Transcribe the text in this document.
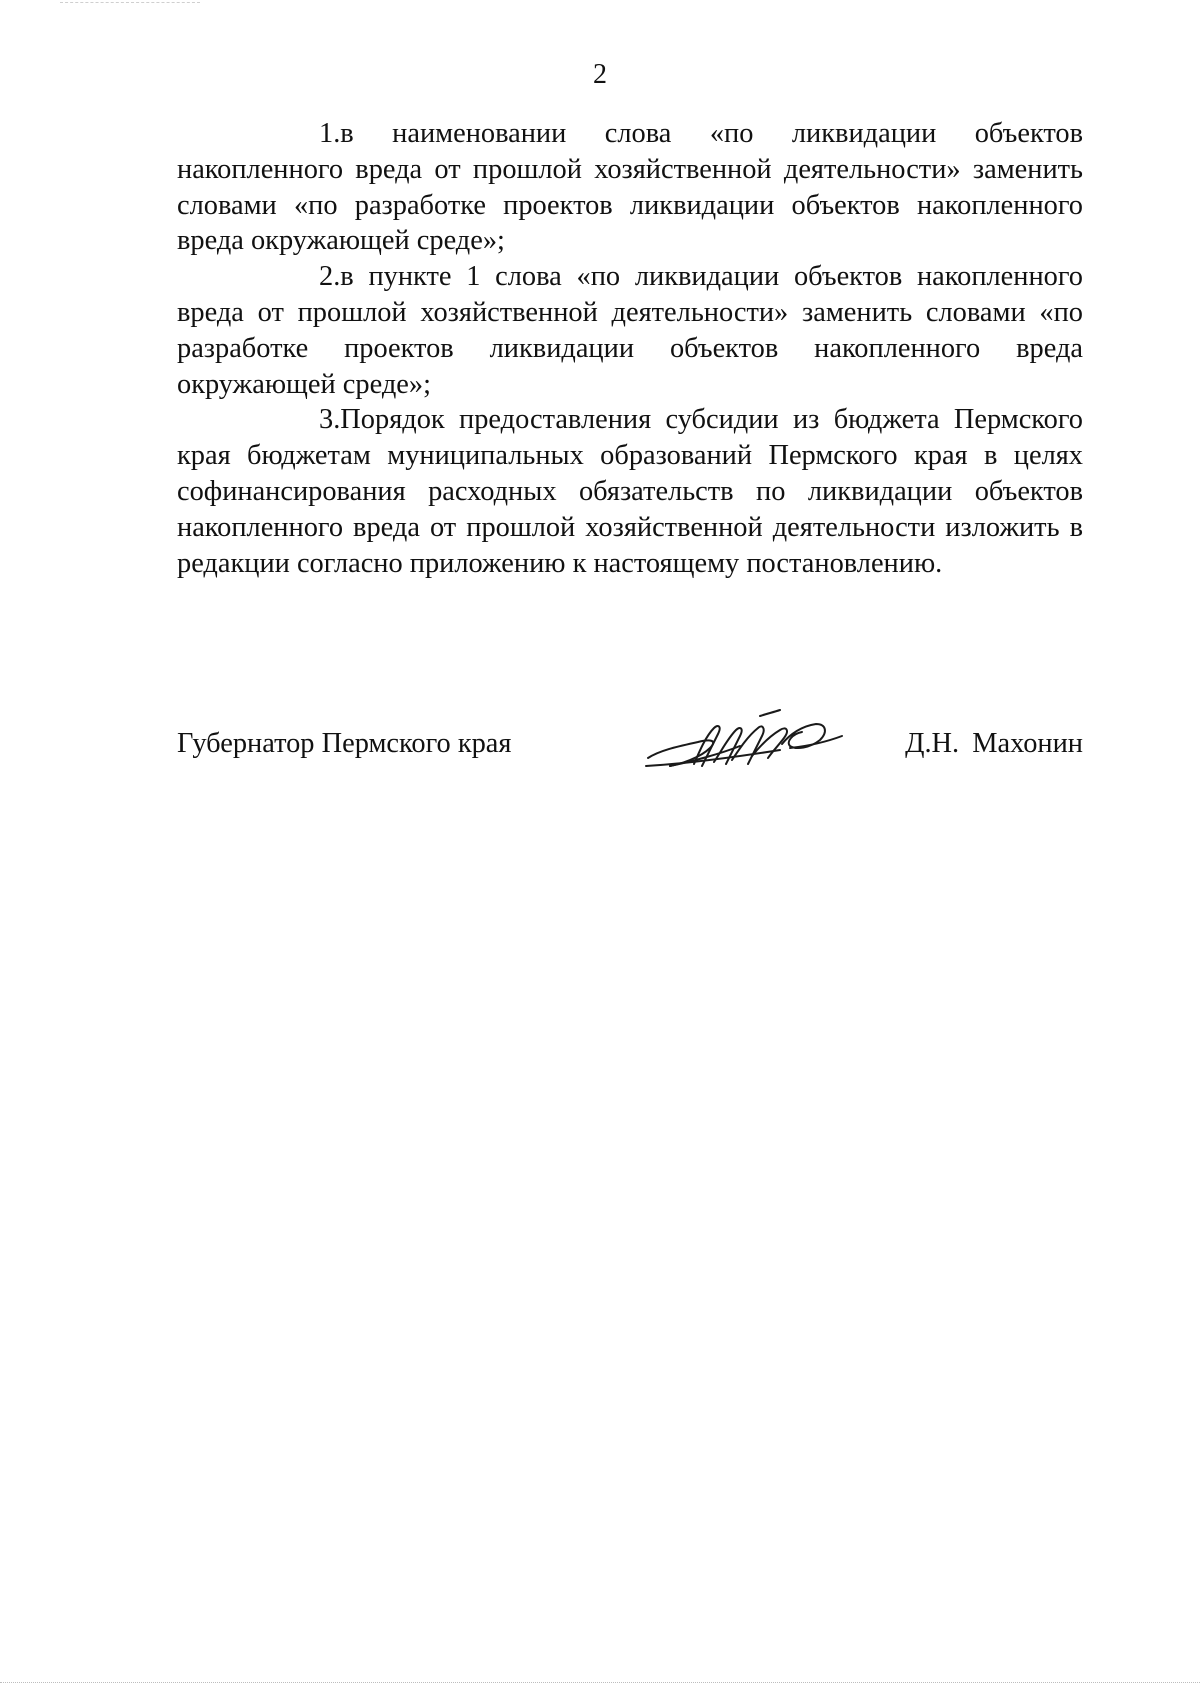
2

1.в наименовании слова «по ликвидации объектов накопленного вреда от прошлой хозяйственной деятельности» заменить словами «по разработке проектов ликвидации объектов накопленного вреда окружающей среде»;

2.в пункте 1 слова «по ликвидации объектов накопленного вреда от прошлой хозяйственной деятельности» заменить словами «по разработке проектов ликвидации объектов накопленного вреда окружающей среде»;

3.Порядок предоставления субсидии из бюджета Пермского края бюджетам муниципальных образований Пермского края в целях софинансирования расходных обязательств по ликвидации объектов накопленного вреда от прошлой хозяйственной деятельности изложить в редакции согласно приложению к настоящему постановлению.

Губернатор Пермского края	Д.Н. Махонин
